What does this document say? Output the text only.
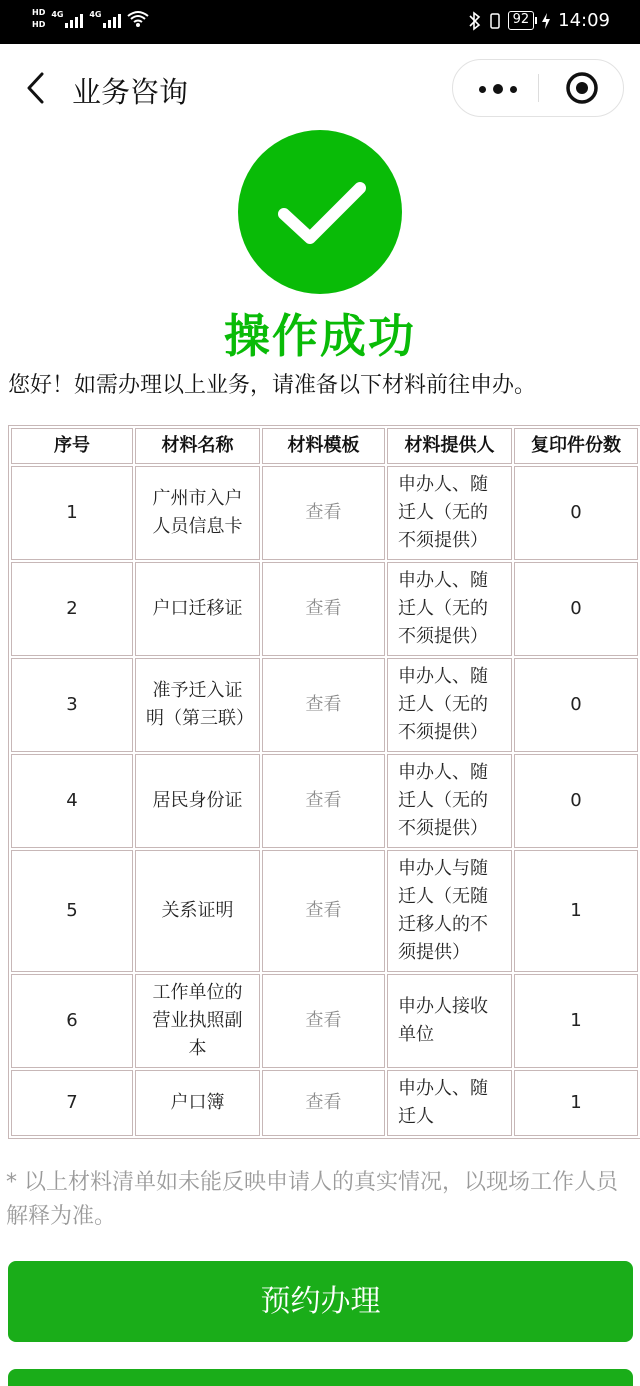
HD
HD
4G	4G	92 14:09
业务咨询
操作成功
您好！如需办理以上业务，请准备以下材料前往申办。
序号	材料名称	材料模板	材料提供人	复印件份数
1	广州市入户人员信息卡	查看	申办人、随迁人（无的不须提供）	0
2	户口迁移证	查看	申办人、随迁人（无的不须提供）	0
3	准予迁入证明（第三联）	查看	申办人、随迁人（无的不须提供）	0
4	居民身份证	查看	申办人、随迁人（无的不须提供）	0
5	关系证明	查看	申办人与随迁人（无随迁移人的不须提供）	1
6	工作单位的营业执照副本	查看	申办人接收单位	1
7	户口簿	查看	申办人、随迁人	1
* 以上材料清单如未能反映申请人的真实情况，以现场工作人员解释为准。
预约办理
